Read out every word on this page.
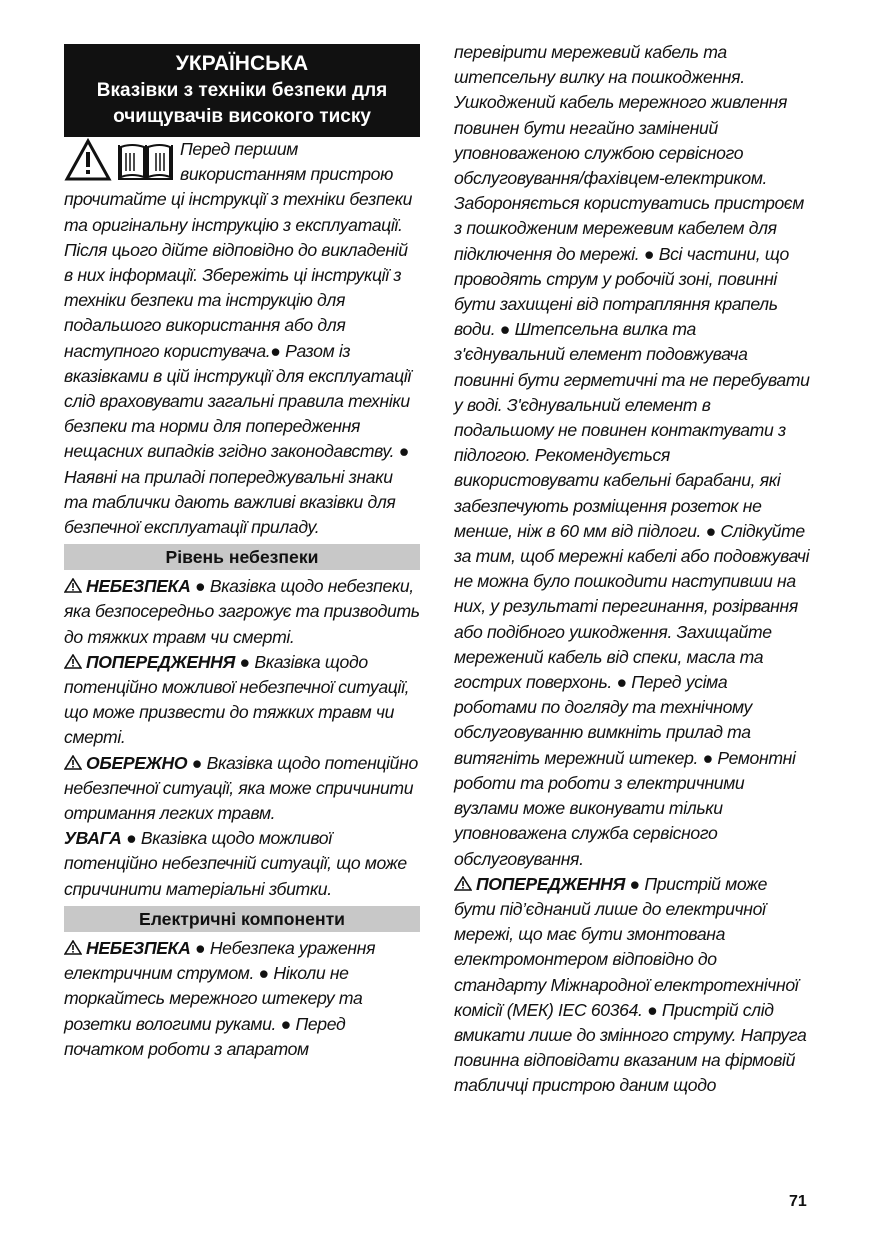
УКРАЇНСЬКА
Вказівки з техніки безпеки для очищувачів високого тиску

Перед першим використанням пристрою прочитайте ці інструкції з техніки безпеки та оригінальну інструкцію з експлуатації. Після цього дійте відповідно до викладеній в них інформації. Збережіть ці інструкції з техніки безпеки та інструкцію для подальшого використання або для наступного користувача.● Разом із вказівками в цій інструкції для експлуатації слід враховувати загальні правила техніки безпеки та норми для попередження нещасних випадків згідно законодавству. ● Наявні на приладі попереджувальні знаки та таблички дають важливі вказівки для безпечної експлуатації приладу.

Рівень небезпеки

НЕБЕЗПЕКА ● Вказівка щодо небезпеки, яка безпосередньо загрожує та призводить до тяжких травм чи смерті.

ПОПЕРЕДЖЕННЯ ● Вказівка щодо потенційно можливої небезпечної ситуації, що може призвести до тяжких травм чи смерті.

ОБЕРЕЖНО ● Вказівка щодо потенційно небезпечної ситуації, яка може спричинити отримання легких травм.

УВАГА ● Вказівка щодо можливої потенційно небезпечній ситуації, що може спричинити матеріальні збитки.

Електричні компоненти

НЕБЕЗПЕКА ● Небезпека ураження електричним струмом. ● Ніколи не торкайтесь мережного штекеру та розетки вологими руками. ● Перед початком роботи з апаратом

перевірити мережевий кабель та штепсельну вилку на пошкодження. Ушкоджений кабель мережного живлення повинен бути негайно замінений уповноваженою службою сервісного обслуговування/фахівцем-електриком. Забороняється користуватись пристроєм з пошкодженим мережевим кабелем для підключення до мережі. ● Всі частини, що проводять струм у робочій зоні, повинні бути захищені від потрапляння крапель води. ● Штепсельна вилка та з'єднувальний елемент подовжувача повинні бути герметичні та не перебувати у воді. З'єднувальний елемент в подальшому не повинен контактувати з підлогою. Рекомендується використовувати кабельні барабани, які забезпечують розміщення розеток не менше, ніж в 60 мм від підлоги. ● Слідкуйте за тим, щоб мережні кабелі або подовжувачі не можна було пошкодити наступивши на них, у результаті перегинання, розірвання або подібного ушкодження. Захищайте мережений кабель від спеки, масла та гострих поверхонь. ● Перед усіма роботами по догляду та технічному обслуговуванню вимкніть прилад та витягніть мережний штекер. ● Ремонтні роботи та роботи з електричними вузлами може виконувати тільки уповноважена служба сервісного обслуговування.

ПОПЕРЕДЖЕННЯ ● Пристрій може бути під’єднаний лише до електричної мережі, що має бути змонтована електромонтером відповідно до стандарту Міжнародної електротехнічної комісії (МЕК) IEC 60364. ● Пристрій слід вмикати лише до змінного струму. Напруга повинна відповідати вказаним на фірмовій табличці пристрою даним щодо

71
